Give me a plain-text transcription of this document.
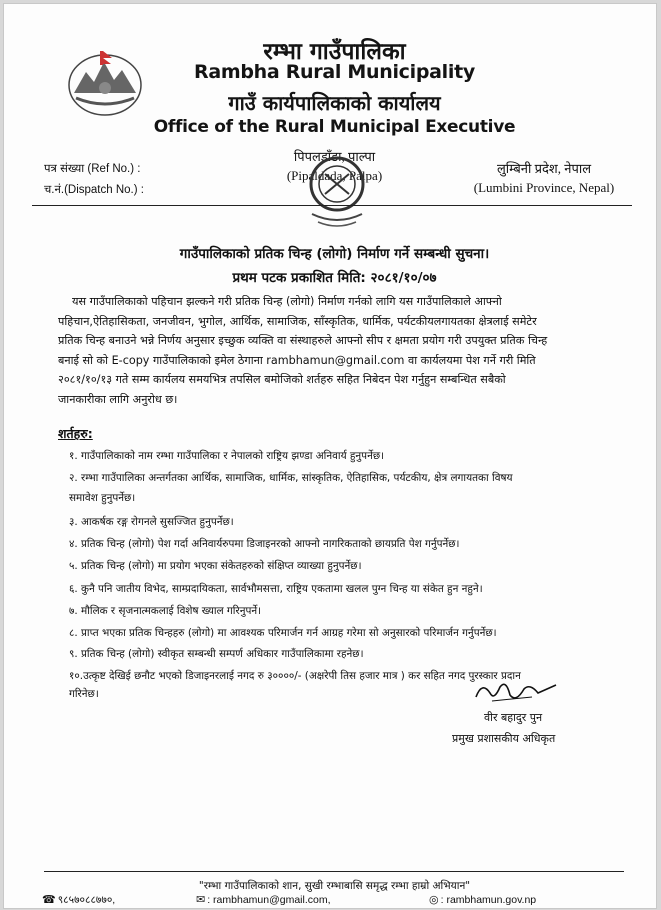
रम्भा गाउँपालिका
Rambha Rural Municipality
गाउँ कार्यपालिकाको कार्यालय
Office of the Rural Municipal Executive
पत्र संख्या (Ref No.) :
च.नं.(Dispatch No.) :
पिपलडाँडा, पाल्पा
(Pipaldada, Palpa)	लुम्बिनी प्रदेश, नेपाल
(Lumbini Province, Nepal)
गाउँपालिकाको प्रतिक चिन्ह (लोगो) निर्माण गर्ने सम्बन्धी सुचना।
प्रथम पटक प्रकाशित मिति: २०८१/१०/०७
यस गाउँपालिकाको पहिचान झल्कने गरी प्रतिक चिन्ह (लोगो) निर्माण गर्नको लागि यस गाउँपालिकाले आफ्नो
पहिचान,ऐतिहासिकता, जनजीवन, भुगोल, आर्थिक, सामाजिक, साँस्कृतिक, धार्मिक, पर्यटकीयलगायतका क्षेत्रलाई समेटेर
प्रतिक चिन्ह बनाउने भन्ने निर्णय अनुसार इच्छुक व्यक्ति वा संस्थाहरुले आफ्नो सीप र क्षमता प्रयोग गरी उपयुक्त प्रतिक चिन्ह
बनाई सो को E-copy गाउँपालिकाको इमेल ठेगाना rambhamun@gmail.com वा कार्यलयमा पेश गर्ने गरी मिति
२०८१/१०/१३ गते सम्म कार्यलय समयभित्र तपसिल बमोजिको शर्तहरु सहित निबेदन पेश गर्नुहुन सम्बन्धित सबैको
जानकारीका लागि अनुरोध छ।
शर्तहरु:
१. गाउँपालिकाको नाम रम्भा गाउँपालिका र नेपालको राष्ट्रिय झण्डा अनिवार्य हुनुपर्नेछ।
२. रम्भा गाउँपालिका अन्तर्गतका आर्थिक, सामाजिक, धार्मिक, सांस्कृतिक, ऐतिहासिक, पर्यटकीय, क्षेत्र लगायतका विषय
समावेश हुनुपर्नेछ।
३. आकर्षक रङ्ग रोगनले सुसज्जित हुनुपर्नेछ।
४. प्रतिक चिन्ह (लोगो) पेश गर्दा अनिवार्यरुपमा डिजाइनरको आफ्नो नागरिकताको छायप्रति पेश गर्नुपर्नेछ।
५. प्रतिक चिन्ह (लोगो) मा प्रयोग भएका संकेतहरुको संक्षिप्त व्याख्या हुनुपर्नेछ।
६. कुनै पनि जातीय विभेद, साम्प्रदायिकता, सार्वभौमसत्ता, राष्ट्रिय एकतामा खलल पुग्न चिन्ह या संकेत हुन नहुने।
७. मौलिक र सृजनात्मकलाई विशेष ख्याल गरिनुपर्ने।
८. प्राप्त भएका प्रतिक चिन्हहरु (लोगो) मा आवश्यक परिमार्जन गर्न आग्रह गरेमा सो अनुसारको परिमार्जन गर्नुपर्नेछ।
९. प्रतिक चिन्ह (लोगो) स्वीकृत सम्बन्धी सम्पर्ण अधिकार गाउँपालिकामा रहनेछ।
१०.उत्कृष्ट देखिई छनौट भएको डिजाइनरलाई नगद रु ३००००/- (अक्षरेपी तिस हजार मात्र ) कर सहित नगद पुरस्कार प्रदान
गरिनेछ।
वीर बहादुर पुन
प्रमुख प्रशासकीय अधिकृत
"रम्भा गाउँपालिकाको शान, सुखी रम्भाबासि समृद्ध रम्भा हाम्रो अभियान"
☎ ९८५७०८८७७०,	✉ : rambhamun@gmail.com,	◎ : rambhamun.gov.np
